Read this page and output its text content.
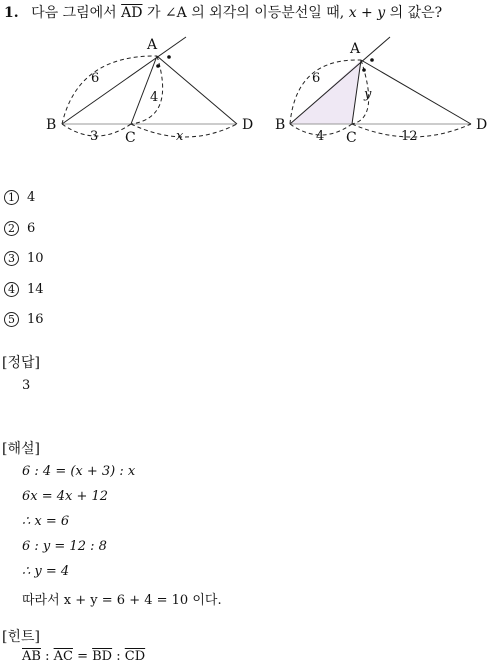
1. 다음 그림에서 $\overline{AD}$ 가 ∠A 의 외각의 이등분선일 때, x + y 의 값은?
A
B
C
D
6
4
3	x
A
B
C
D
6
y
4	12
1 4
2 6
3 10
4 14
5 16
[정답]
3
[해설]
6 : 4 = (x + 3) : x
6x = 4x + 12
∴ x = 6
6 : y = 12 : 8
∴ y = 4
따라서 x + y = 6 + 4 = 10 이다.
[힌트]
$\overline{AB}$ : $\overline{AC} = \overline{BD}$ : $\overline{CD}$
